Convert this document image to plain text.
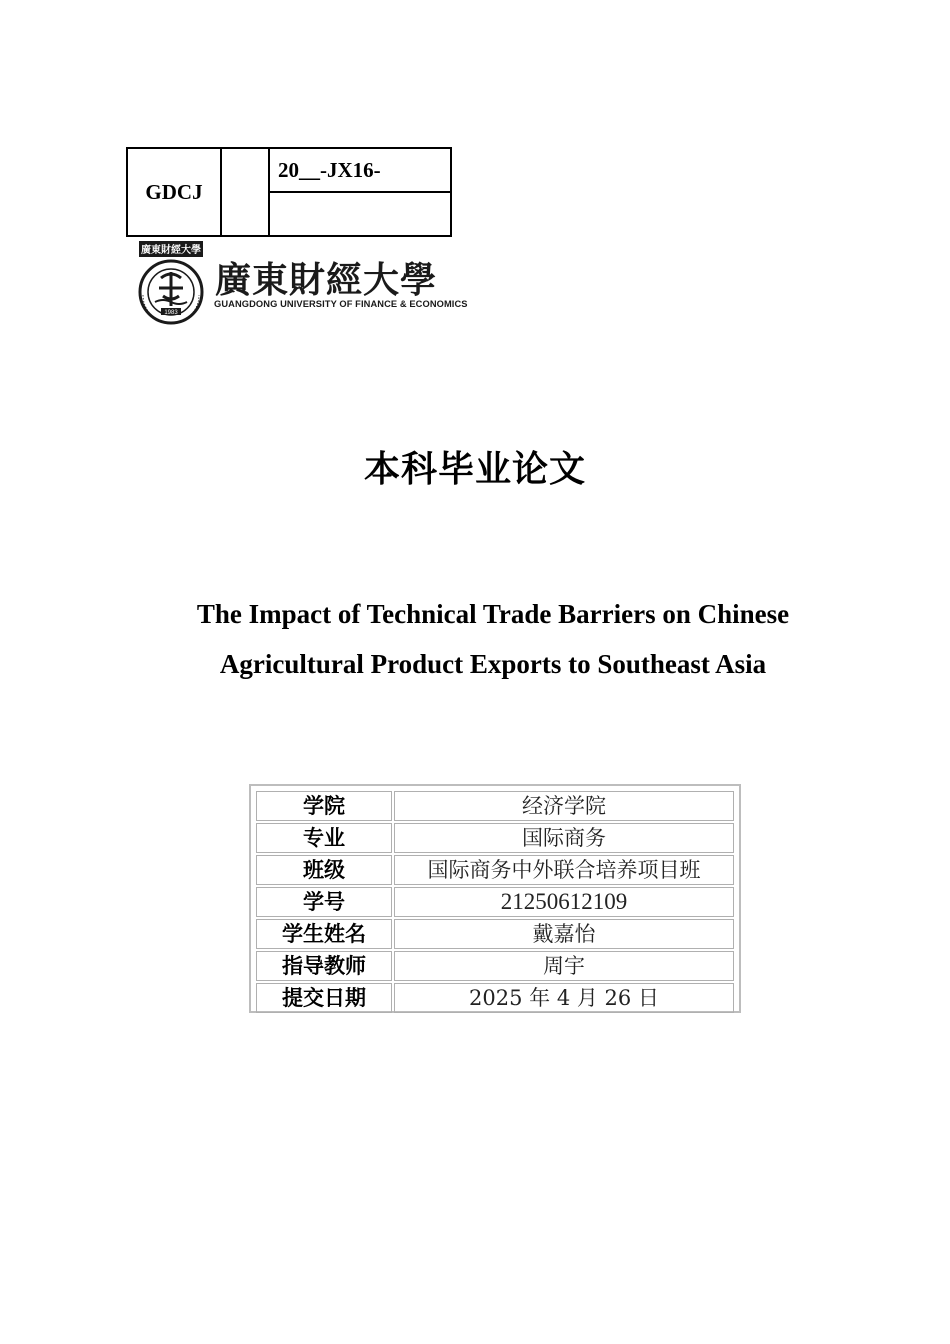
GDCJ		20__-JX16-

廣東財經大學
1983
廣東財經大學
GUANGDONG UNIVERSITY OF FINANCE & ECONOMICS
本科毕业论文
The Impact of Technical Trade Barriers on Chinese Agricultural Product Exports to Southeast Asia
学院	经济学院
专业	国际商务
班级	国际商务中外联合培养项目班
学号	21250612109
学生姓名	戴嘉怡
指导教师	周宇
提交日期	2025 年 4 月 26 日
